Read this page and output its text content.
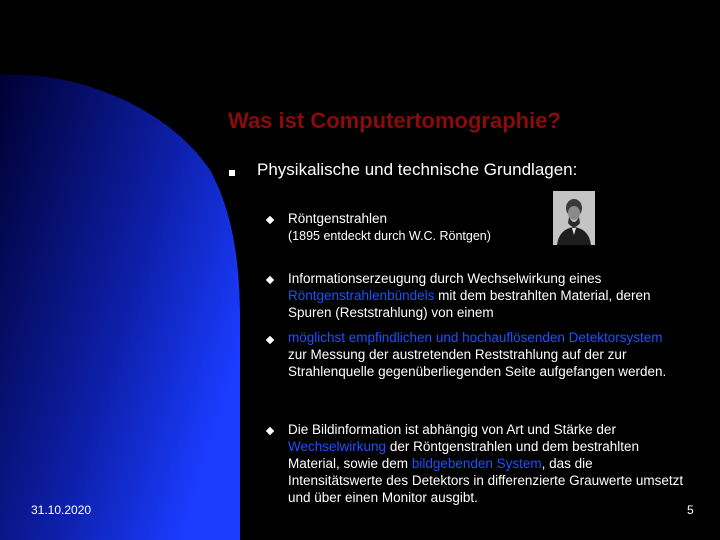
Was ist Computertomographie?

Physikalische und technische Grundlagen:

Röntgenstrahlen
(1895 entdeckt durch W.C. Röntgen)

Informationserzeugung durch Wechselwirkung eines Röntgenstrahlenbündels mit dem bestrahlten Material, deren Spuren (Reststrahlung) von einem

möglichst empfindlichen und hochauflösenden Detektorsystem zur Messung der austretenden Reststrahlung auf der zur Strahlenquelle gegenüberliegenden Seite aufgefangen werden.

Die Bildinformation ist abhängig von Art und Stärke der Wechselwirkung der Röntgenstrahlen und dem bestrahlten Material, sowie dem bildgebenden System, das die Intensitätswerte des Detektors in differenzierte Grauwerte umsetzt und über einen Monitor ausgibt.

31.10.2020	5
